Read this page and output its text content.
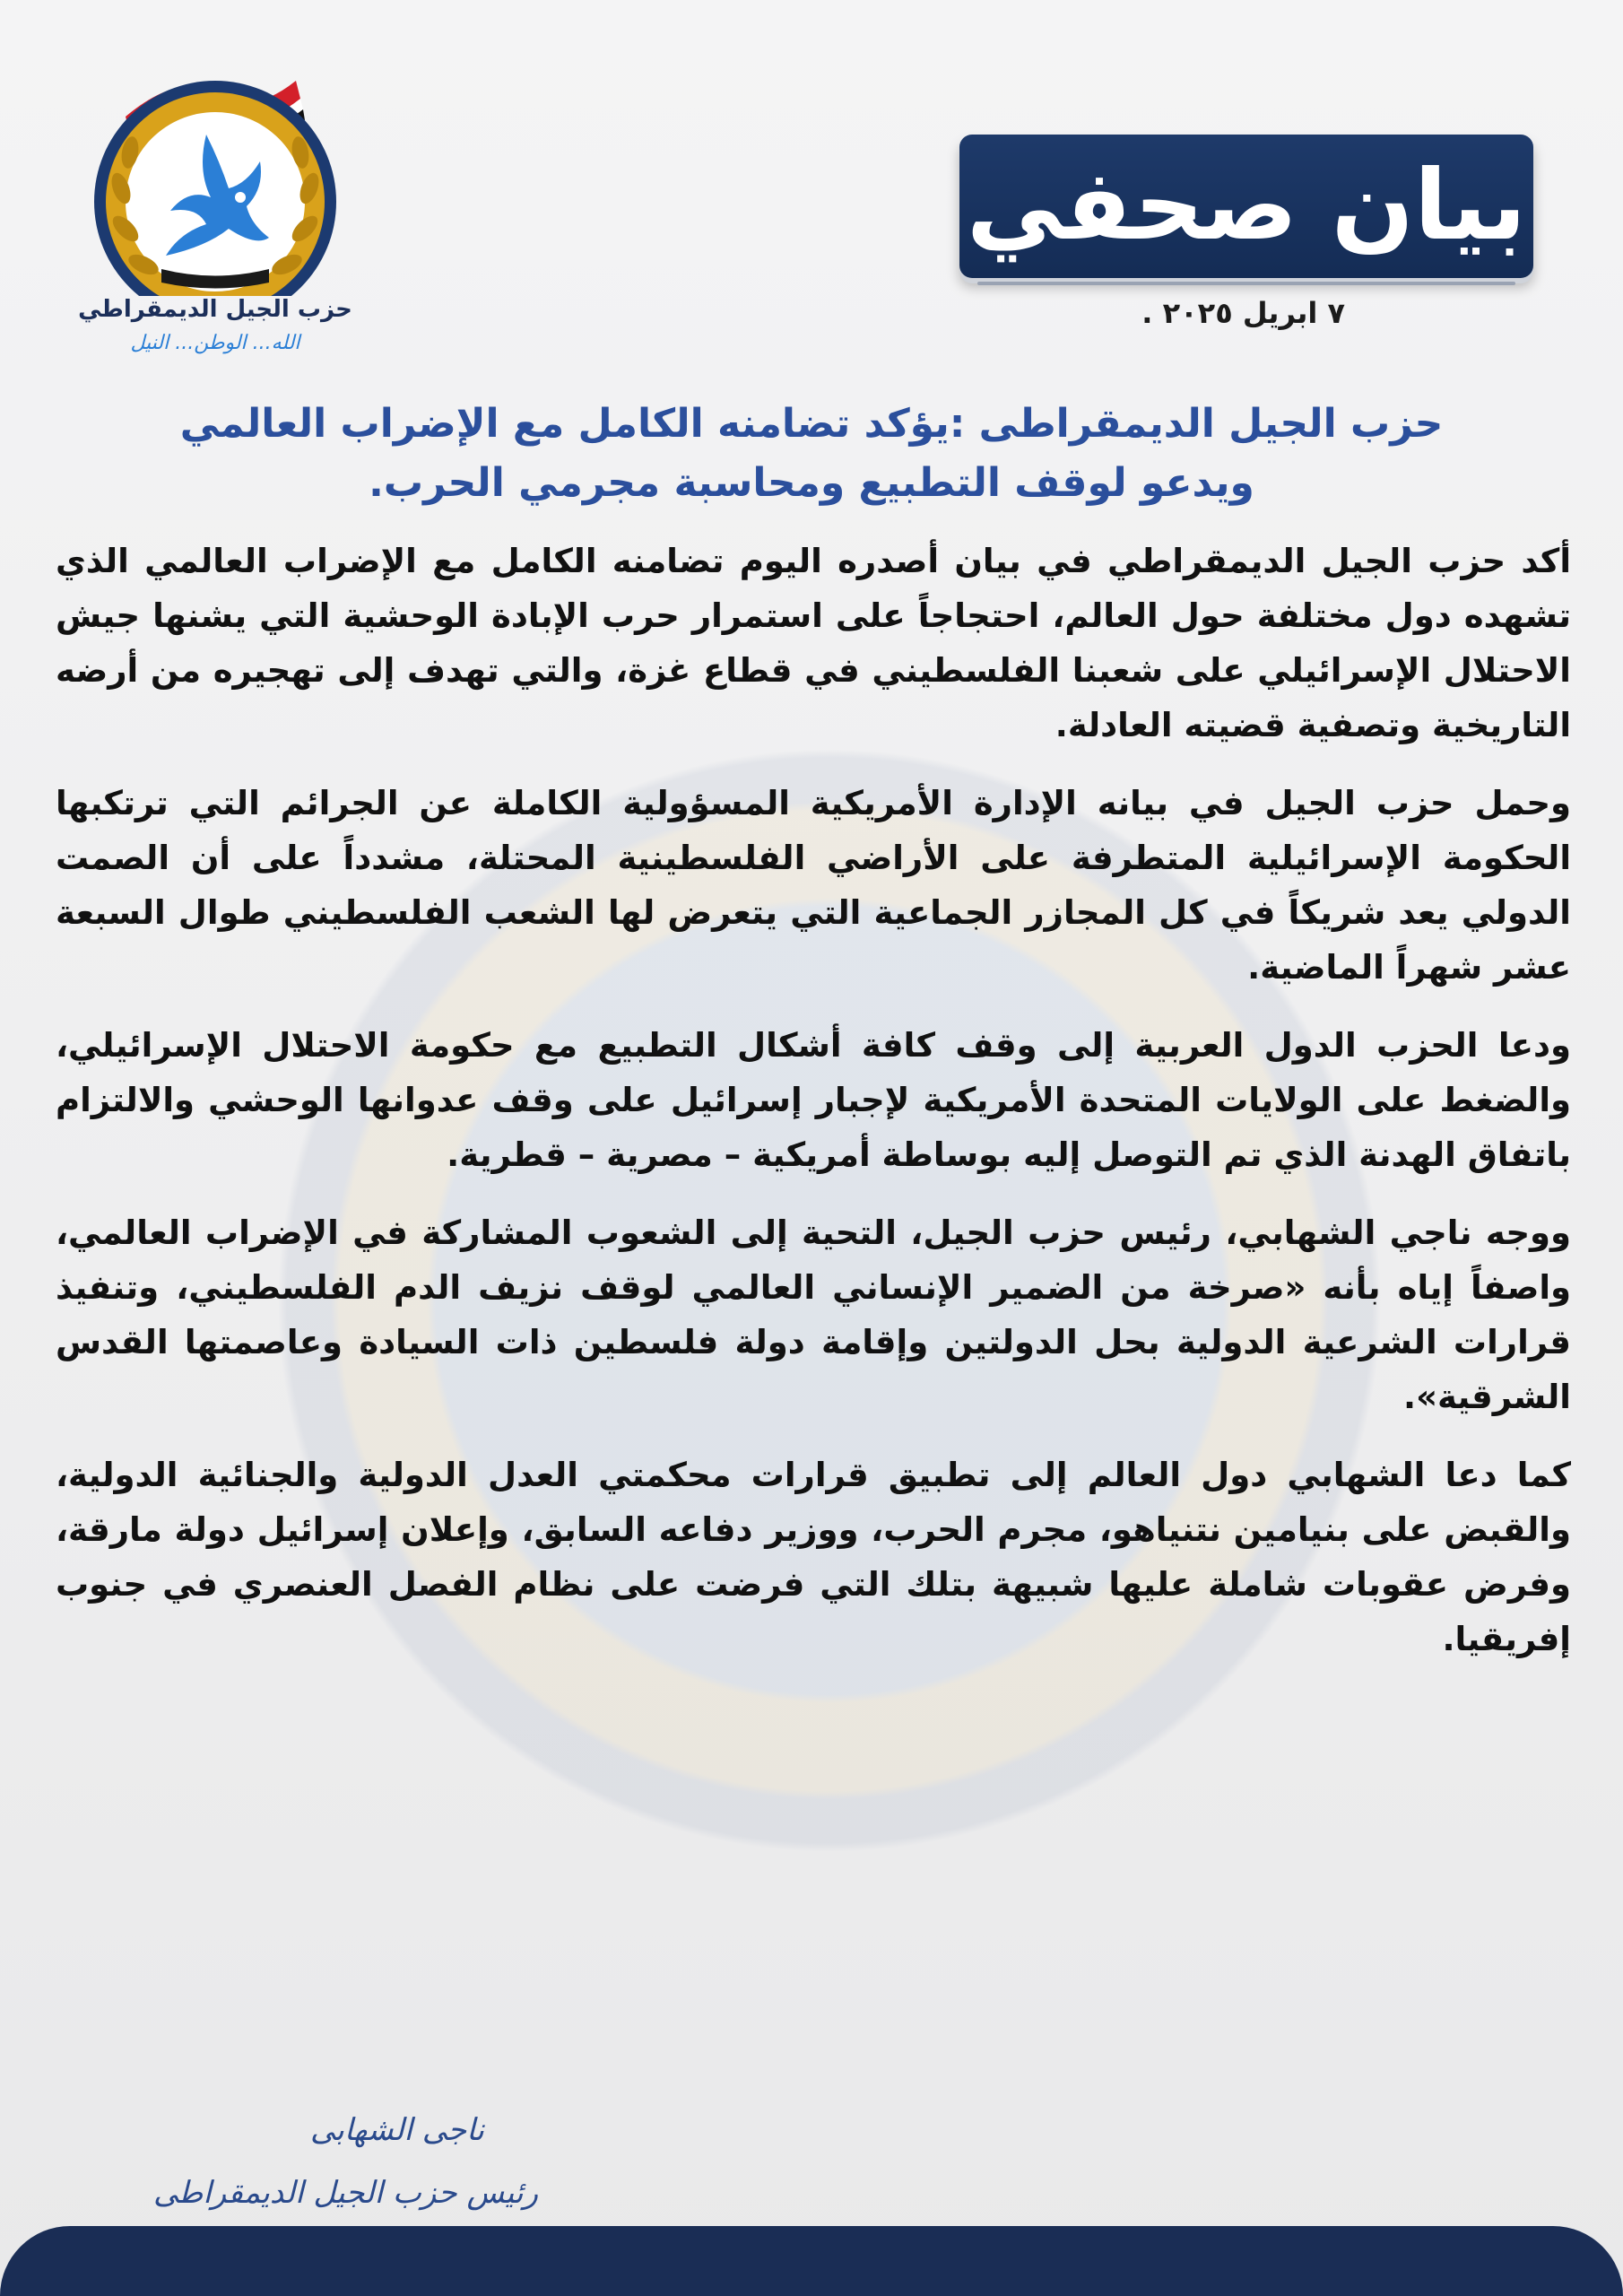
حزب الجيل الديمقراطي
الله... الوطن... النيل
بيان صحفي
٧ ابريل ٢٠٢٥ .
حزب الجيل الديمقراطى :يؤكد تضامنه الكامل مع الإضراب العالمي
ويدعو لوقف التطبيع ومحاسبة مجرمي الحرب.

أكد حزب الجيل الديمقراطي في بيان أصدره اليوم تضامنه الكامل مع الإضراب العالمي الذي تشهده دول مختلفة حول العالم، احتجاجاً على استمرار حرب الإبادة الوحشية التي يشنها جيش الاحتلال الإسرائيلي على شعبنا الفلسطيني في قطاع غزة، والتي تهدف إلى تهجيره من أرضه التاريخية وتصفية قضيته العادلة.

وحمل حزب الجيل في بيانه الإدارة الأمريكية المسؤولية الكاملة عن الجرائم التي ترتكبها الحكومة الإسرائيلية المتطرفة على الأراضي الفلسطينية المحتلة، مشدداً على أن الصمت الدولي يعد شريكاً في كل المجازر الجماعية التي يتعرض لها الشعب الفلسطيني طوال السبعة عشر شهراً الماضية.

ودعا الحزب الدول العربية إلى وقف كافة أشكال التطبيع مع حكومة الاحتلال الإسرائيلي، والضغط على الولايات المتحدة الأمريكية لإجبار إسرائيل على وقف عدوانها الوحشي والالتزام باتفاق الهدنة الذي تم التوصل إليه بوساطة أمريكية – مصرية – قطرية.

ووجه ناجي الشهابي، رئيس حزب الجيل، التحية إلى الشعوب المشاركة في الإضراب العالمي، واصفاً إياه بأنه «صرخة من الضمير الإنساني العالمي لوقف نزيف الدم الفلسطيني، وتنفيذ قرارات الشرعية الدولية بحل الدولتين وإقامة دولة فلسطين ذات السيادة وعاصمتها القدس الشرقية».

كما دعا الشهابي دول العالم إلى تطبيق قرارات محكمتي العدل الدولية والجنائية الدولية، والقبض على بنيامين نتنياهو، مجرم الحرب، ووزير دفاعه السابق، وإعلان إسرائيل دولة مارقة، وفرض عقوبات شاملة عليها شبيهة بتلك التي فرضت على نظام الفصل العنصري في جنوب إفريقيا.

ناجى الشهابى
رئيس حزب الجيل الديمقراطى
